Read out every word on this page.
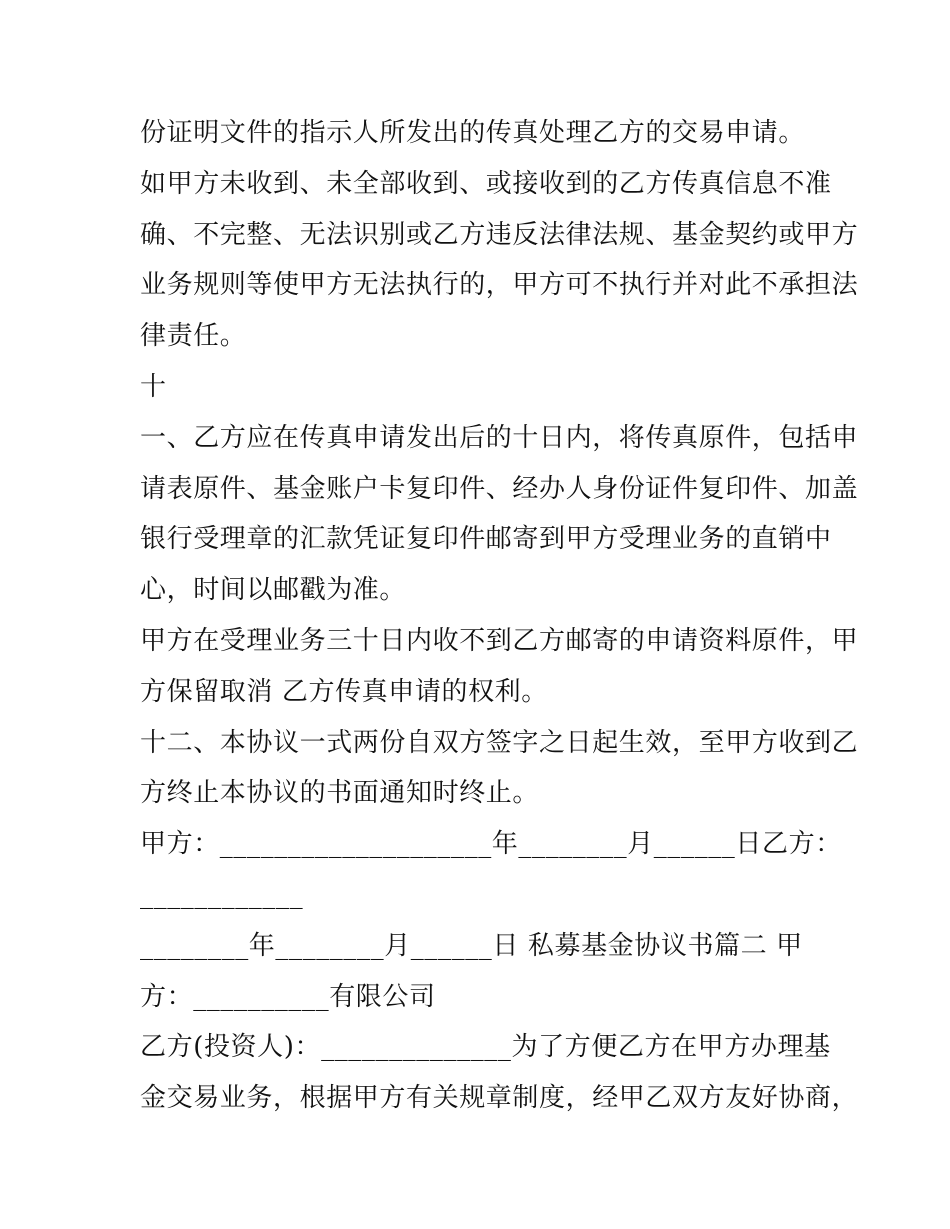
份证明文件的指示人所发出的传真处理乙方的交易申请。
如甲方未收到、未全部收到、或接收到的乙方传真信息不准
确、不完整、无法识别或乙方违反法律法规、基金契约或甲方
业务规则等使甲方无法执行的，甲方可不执行并对此不承担法
律责任。
十
一、乙方应在传真申请发出后的十日内，将传真原件，包括申
请表原件、基金账户卡复印件、经办人身份证件复印件、加盖
银行受理章的汇款凭证复印件邮寄到甲方受理业务的直销中
心，时间以邮戳为准。
甲方在受理业务三十日内收不到乙方邮寄的申请资料原件，甲
方保留取消 乙方传真申请的权利。
十二、本协议一式两份自双方签字之日起生效，至甲方收到乙
方终止本协议的书面通知时终止。
甲方：____________________年________月______日乙方：
____________
________年________月______日 私募基金协议书篇二 甲
方：__________有限公司
乙方(投资人)：______________为了方便乙方在甲方办理基
金交易业务，根据甲方有关规章制度，经甲乙双方友好协商，
